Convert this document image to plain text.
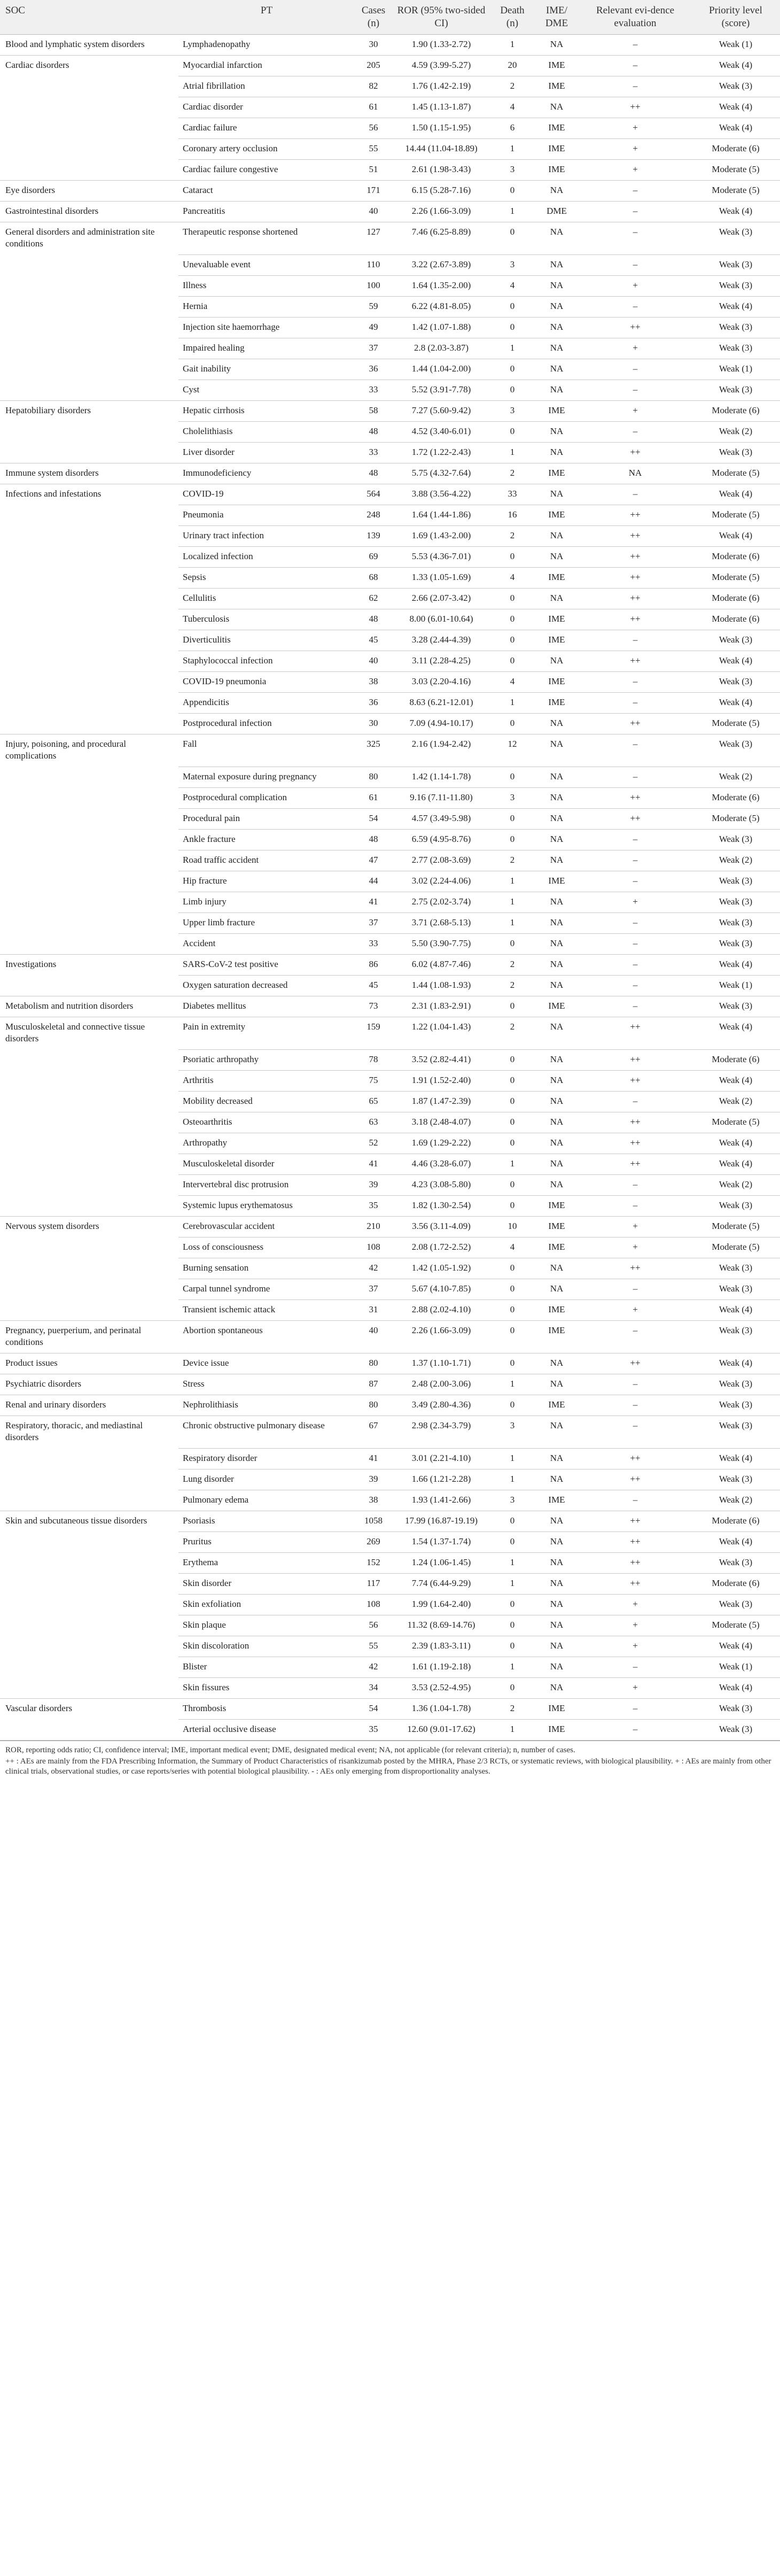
SOC	PT	Cases (n)	ROR (95% two-sided CI)	Death (n)	IME/ DME	Relevant evi-dence evaluation	Priority level (score)
Blood and lymphatic system disorders	Lymphadenopathy	30	1.90 (1.33-2.72)	1	NA	–	Weak (1)
Cardiac disorders	Myocardial infarction	205	4.59 (3.99-5.27)	20	IME	–	Weak (4)
	Atrial fibrillation	82	1.76 (1.42-2.19)	2	IME	–	Weak (3)
	Cardiac disorder	61	1.45 (1.13-1.87)	4	NA	++	Weak (4)
	Cardiac failure	56	1.50 (1.15-1.95)	6	IME	+	Weak (4)
	Coronary artery occlusion	55	14.44 (11.04-18.89)	1	IME	+	Moderate (6)
	Cardiac failure congestive	51	2.61 (1.98-3.43)	3	IME	+	Moderate (5)
Eye disorders	Cataract	171	6.15 (5.28-7.16)	0	NA	–	Moderate (5)
Gastrointestinal disorders	Pancreatitis	40	2.26 (1.66-3.09)	1	DME	–	Weak (4)
General disorders and administration site conditions	Therapeutic response shortened	127	7.46 (6.25-8.89)	0	NA	–	Weak (3)
	Unevaluable event	110	3.22 (2.67-3.89)	3	NA	–	Weak (3)
	Illness	100	1.64 (1.35-2.00)	4	NA	+	Weak (3)
	Hernia	59	6.22 (4.81-8.05)	0	NA	–	Weak (4)
	Injection site haemorrhage	49	1.42 (1.07-1.88)	0	NA	++	Weak (3)
	Impaired healing	37	2.8 (2.03-3.87)	1	NA	+	Weak (3)
	Gait inability	36	1.44 (1.04-2.00)	0	NA	–	Weak (1)
	Cyst	33	5.52 (3.91-7.78)	0	NA	–	Weak (3)
Hepatobiliary disorders	Hepatic cirrhosis	58	7.27 (5.60-9.42)	3	IME	+	Moderate (6)
	Cholelithiasis	48	4.52 (3.40-6.01)	0	NA	–	Weak (2)
	Liver disorder	33	1.72 (1.22-2.43)	1	NA	++	Weak (3)
Immune system disorders	Immunodeficiency	48	5.75 (4.32-7.64)	2	IME	NA	Moderate (5)
Infections and infestations	COVID-19	564	3.88 (3.56-4.22)	33	NA	–	Weak (4)
	Pneumonia	248	1.64 (1.44-1.86)	16	IME	++	Moderate (5)
	Urinary tract infection	139	1.69 (1.43-2.00)	2	NA	++	Weak (4)
	Localized infection	69	5.53 (4.36-7.01)	0	NA	++	Moderate (6)
	Sepsis	68	1.33 (1.05-1.69)	4	IME	++	Moderate (5)
	Cellulitis	62	2.66 (2.07-3.42)	0	NA	++	Moderate (6)
	Tuberculosis	48	8.00 (6.01-10.64)	0	IME	++	Moderate (6)
	Diverticulitis	45	3.28 (2.44-4.39)	0	IME	–	Weak (3)
	Staphylococcal infection	40	3.11 (2.28-4.25)	0	NA	++	Weak (4)
	COVID-19 pneumonia	38	3.03 (2.20-4.16)	4	IME	–	Weak (3)
	Appendicitis	36	8.63 (6.21-12.01)	1	IME	–	Weak (4)
	Postprocedural infection	30	7.09 (4.94-10.17)	0	NA	++	Moderate (5)
Injury, poisoning, and procedural complications	Fall	325	2.16 (1.94-2.42)	12	NA	–	Weak (3)
	Maternal exposure during pregnancy	80	1.42 (1.14-1.78)	0	NA	–	Weak (2)
	Postprocedural complication	61	9.16 (7.11-11.80)	3	NA	++	Moderate (6)
	Procedural pain	54	4.57 (3.49-5.98)	0	NA	++	Moderate (5)
	Ankle fracture	48	6.59 (4.95-8.76)	0	NA	–	Weak (3)
	Road traffic accident	47	2.77 (2.08-3.69)	2	NA	–	Weak (2)
	Hip fracture	44	3.02 (2.24-4.06)	1	IME	–	Weak (3)
	Limb injury	41	2.75 (2.02-3.74)	1	NA	+	Weak (3)
	Upper limb fracture	37	3.71 (2.68-5.13)	1	NA	–	Weak (3)
	Accident	33	5.50 (3.90-7.75)	0	NA	–	Weak (3)
Investigations	SARS-CoV-2 test positive	86	6.02 (4.87-7.46)	2	NA	–	Weak (4)
	Oxygen saturation decreased	45	1.44 (1.08-1.93)	2	NA	–	Weak (1)
Metabolism and nutrition disorders	Diabetes mellitus	73	2.31 (1.83-2.91)	0	IME	–	Weak (3)
Musculoskeletal and connective tissue disorders	Pain in extremity	159	1.22 (1.04-1.43)	2	NA	++	Weak (4)
	Psoriatic arthropathy	78	3.52 (2.82-4.41)	0	NA	++	Moderate (6)
	Arthritis	75	1.91 (1.52-2.40)	0	NA	++	Weak (4)
	Mobility decreased	65	1.87 (1.47-2.39)	0	NA	–	Weak (2)
	Osteoarthritis	63	3.18 (2.48-4.07)	0	NA	++	Moderate (5)
	Arthropathy	52	1.69 (1.29-2.22)	0	NA	++	Weak (4)
	Musculoskeletal disorder	41	4.46 (3.28-6.07)	1	NA	++	Weak (4)
	Intervertebral disc protrusion	39	4.23 (3.08-5.80)	0	NA	–	Weak (2)
	Systemic lupus erythematosus	35	1.82 (1.30-2.54)	0	IME	–	Weak (3)
Nervous system disorders	Cerebrovascular accident	210	3.56 (3.11-4.09)	10	IME	+	Moderate (5)
	Loss of consciousness	108	2.08 (1.72-2.52)	4	IME	+	Moderate (5)
	Burning sensation	42	1.42 (1.05-1.92)	0	NA	++	Weak (3)
	Carpal tunnel syndrome	37	5.67 (4.10-7.85)	0	NA	–	Weak (3)
	Transient ischemic attack	31	2.88 (2.02-4.10)	0	IME	+	Weak (4)
Pregnancy, puerperium, and perinatal conditions	Abortion spontaneous	40	2.26 (1.66-3.09)	0	IME	–	Weak (3)
Product issues	Device issue	80	1.37 (1.10-1.71)	0	NA	++	Weak (4)
Psychiatric disorders	Stress	87	2.48 (2.00-3.06)	1	NA	–	Weak (3)
Renal and urinary disorders	Nephrolithiasis	80	3.49 (2.80-4.36)	0	IME	–	Weak (3)
Respiratory, thoracic, and mediastinal disorders	Chronic obstructive pulmonary disease	67	2.98 (2.34-3.79)	3	NA	–	Weak (3)
	Respiratory disorder	41	3.01 (2.21-4.10)	1	NA	++	Weak (4)
	Lung disorder	39	1.66 (1.21-2.28)	1	NA	++	Weak (3)
	Pulmonary edema	38	1.93 (1.41-2.66)	3	IME	–	Weak (2)
Skin and subcutaneous tissue disorders	Psoriasis	1058	17.99 (16.87-19.19)	0	NA	++	Moderate (6)
	Pruritus	269	1.54 (1.37-1.74)	0	NA	++	Weak (4)
	Erythema	152	1.24 (1.06-1.45)	1	NA	++	Weak (3)
	Skin disorder	117	7.74 (6.44-9.29)	1	NA	++	Moderate (6)
	Skin exfoliation	108	1.99 (1.64-2.40)	0	NA	+	Weak (3)
	Skin plaque	56	11.32 (8.69-14.76)	0	NA	+	Moderate (5)
	Skin discoloration	55	2.39 (1.83-3.11)	0	NA	+	Weak (4)
	Blister	42	1.61 (1.19-2.18)	1	NA	–	Weak (1)
	Skin fissures	34	3.53 (2.52-4.95)	0	NA	+	Weak (4)
Vascular disorders	Thrombosis	54	1.36 (1.04-1.78)	2	IME	–	Weak (3)
	Arterial occlusive disease	35	12.60 (9.01-17.62)	1	IME	–	Weak (3)

ROR, reporting odds ratio; CI, confidence interval; IME, important medical event; DME, designated medical event; NA, not applicable (for relevant criteria); n, number of cases.

++ : AEs are mainly from the FDA Prescribing Information, the Summary of Product Characteristics of risankizumab posted by the MHRA, Phase 2/3 RCTs, or systematic reviews, with biological plausibility. + : AEs are mainly from other clinical trials, observational studies, or case reports/series with potential biological plausibility. - : AEs only emerging from disproportionality analyses.
